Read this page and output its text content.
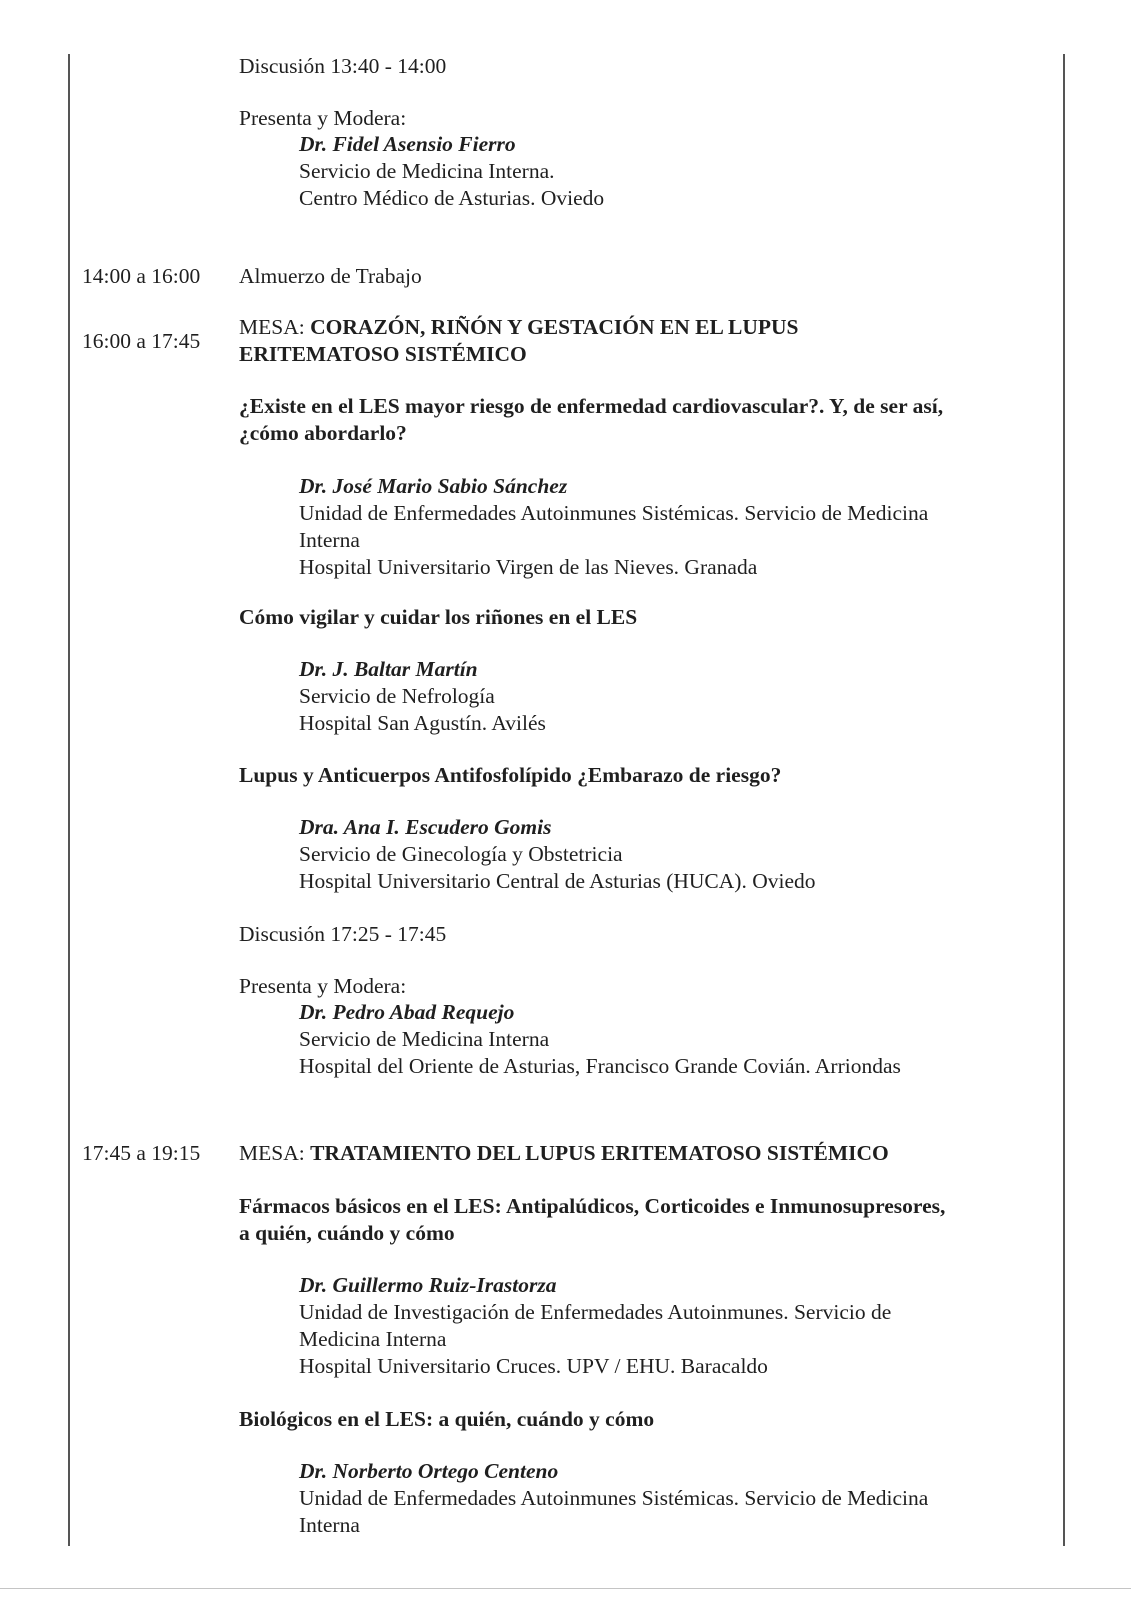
Discusión 13:40 - 14:00
Presenta y Modera:
Dr. Fidel Asensio Fierro
Servicio de Medicina Interna.
Centro Médico de Asturias. Oviedo
14:00 a 16:00 Almuerzo de Trabajo
16:00 a 17:45
MESA: CORAZÓN, RIÑÓN Y GESTACIÓN EN EL LUPUS
ERITEMATOSO SISTÉMICO
¿Existe en el LES mayor riesgo de enfermedad cardiovascular?. Y, de ser así,
¿cómo abordarlo?
Dr. José Mario Sabio Sánchez
Unidad de Enfermedades Autoinmunes Sistémicas. Servicio de Medicina
Interna
Hospital Universitario Virgen de las Nieves. Granada
Cómo vigilar y cuidar los riñones en el LES
Dr. J. Baltar Martín
Servicio de Nefrología
Hospital San Agustín. Avilés
Lupus y Anticuerpos Antifosfolípido ¿Embarazo de riesgo?
Dra. Ana I. Escudero Gomis
Servicio de Ginecología y Obstetricia
Hospital Universitario Central de Asturias (HUCA). Oviedo
Discusión 17:25 - 17:45
Presenta y Modera:
Dr. Pedro Abad Requejo
Servicio de Medicina Interna
Hospital del Oriente de Asturias, Francisco Grande Covián. Arriondas
17:45 a 19:15 MESA: TRATAMIENTO DEL LUPUS ERITEMATOSO SISTÉMICO
Fármacos básicos en el LES: Antipalúdicos, Corticoides e Inmunosupresores,
a quién, cuándo y cómo
Dr. Guillermo Ruiz-Irastorza
Unidad de Investigación de Enfermedades Autoinmunes. Servicio de
Medicina Interna
Hospital Universitario Cruces. UPV / EHU. Baracaldo
Biológicos en el LES: a quién, cuándo y cómo
Dr. Norberto Ortego Centeno
Unidad de Enfermedades Autoinmunes Sistémicas. Servicio de Medicina
Interna
